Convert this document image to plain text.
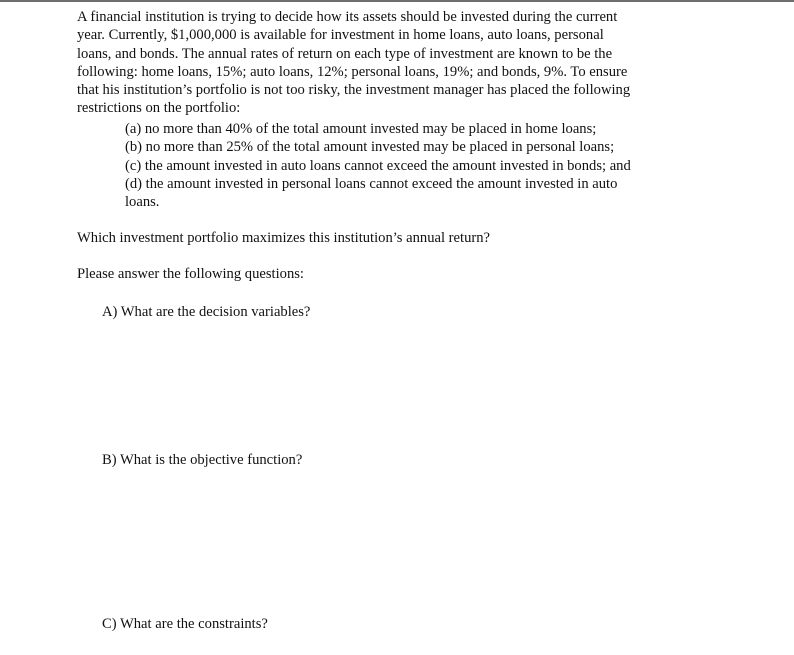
A financial institution is trying to decide how its assets should be invested during the current
year. Currently, $1,000,000 is available for investment in home loans, auto loans, personal
loans, and bonds. The annual rates of return on each type of investment are known to be the
following: home loans, 15%; auto loans, 12%; personal loans, 19%; and bonds, 9%. To ensure
that his institution’s portfolio is not too risky, the investment manager has placed the following
restrictions on the portfolio:
(a) no more than 40% of the total amount invested may be placed in home loans;
(b) no more than 25% of the total amount invested may be placed in personal loans;
(c) the amount invested in auto loans cannot exceed the amount invested in bonds; and
(d) the amount invested in personal loans cannot exceed the amount invested in auto
loans.
Which investment portfolio maximizes this institution’s annual return?
Please answer the following questions:
A) What are the decision variables?
B) What is the objective function?
C) What are the constraints?
